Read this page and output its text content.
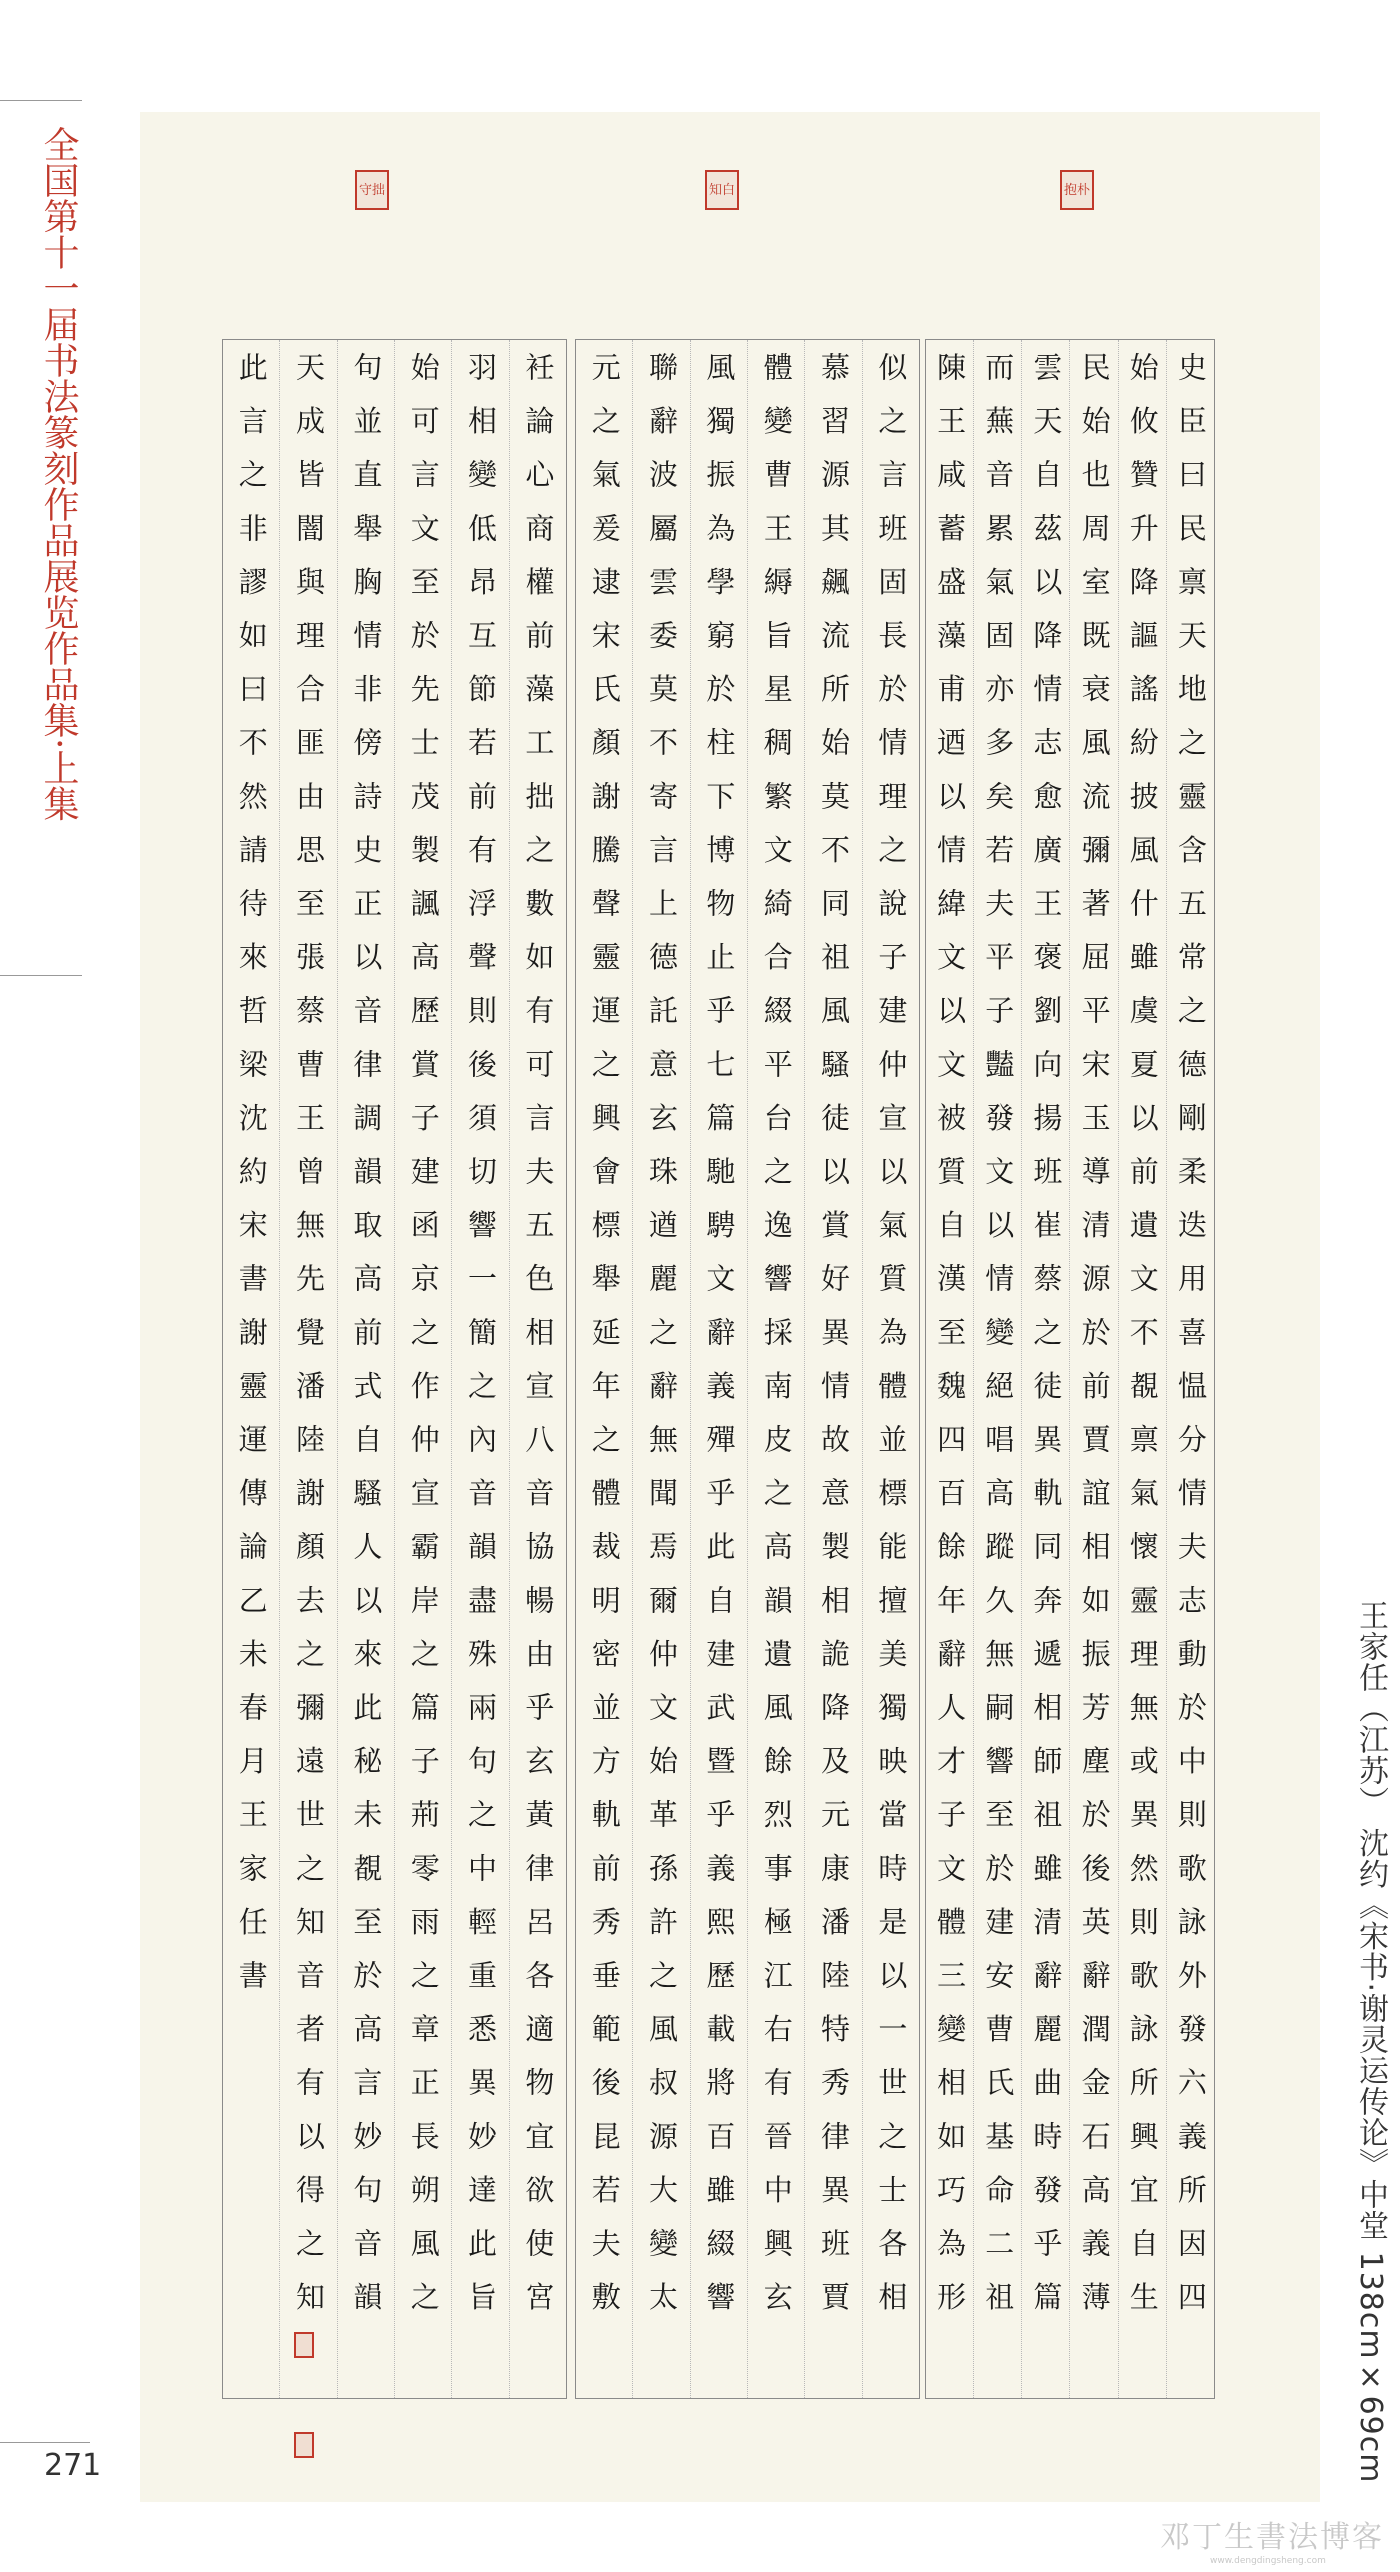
全国第十一届书法篆刻作品展览作品集·上集
271
守拙	知白	抱朴
史臣曰民禀天地之靈含五常之德剛柔迭用喜愠分情夫志動於中則歌詠外發六義所因四
始攸贊升降謳謠紛披風什雖虞夏以前遺文不覩禀氣懷靈理無或異然則歌詠所興宜自生
民始也周室既衰風流彌著屈平宋玉導清源於前賈誼相如振芳塵於後英辭潤金石高義薄
雲天自茲以降情志愈廣王褒劉向揚班崔蔡之徒異軌同奔遞相師祖雖清辭麗曲時發乎篇
而蕪音累氣固亦多矣若夫平子豔發文以情變絕唱高蹤久無嗣響至於建安曹氏基命二祖
陳王咸蓄盛藻甫迺以情緯文以文被質自漢至魏四百餘年辭人才子文體三變相如巧為形
似之言班固長於情理之說子建仲宣以氣質為體並標能擅美獨映當時是以一世之士各相
慕習源其飆流所始莫不同祖風騷徒以賞好異情故意製相詭降及元康潘陸特秀律異班賈
體變曹王縟旨星稠繁文綺合綴平台之逸響採南皮之高韻遺風餘烈事極江右有晉中興玄
風獨振為學窮於柱下博物止乎七篇馳騁文辭義殫乎此自建武暨乎義熙歷載將百雖綴響
聯辭波屬雲委莫不寄言上德託意玄珠遒麗之辭無聞焉爾仲文始革孫許之風叔源大變太
元之氣爰逮宋氏顏謝騰聲靈運之興會標舉延年之體裁明密並方軌前秀垂範後昆若夫敷
衽論心商權前藻工拙之數如有可言夫五色相宣八音協暢由乎玄黃律呂各適物宜欲使宮
羽相變低昂互節若前有浮聲則後須切響一簡之內音韻盡殊兩句之中輕重悉異妙達此旨
始可言文至於先士茂製諷高歷賞子建函京之作仲宣霸岸之篇子荊零雨之章正長朔風之
句並直舉胸情非傍詩史正以音律調韻取高前式自騷人以來此秘未覩至於高言妙句音韻
天成皆闇與理合匪由思至張蔡曹王曾無先覺潘陸謝顏去之彌遠世之知音者有以得之知
此言之非謬如曰不然請待來哲梁沈約宋書謝靈運傳論乙未春月王家任書
王家任（江苏） 沈约《宋书·谢灵运传论》中堂 138cm×69cm
邓丁生書法博客
www.dengdingsheng.com
